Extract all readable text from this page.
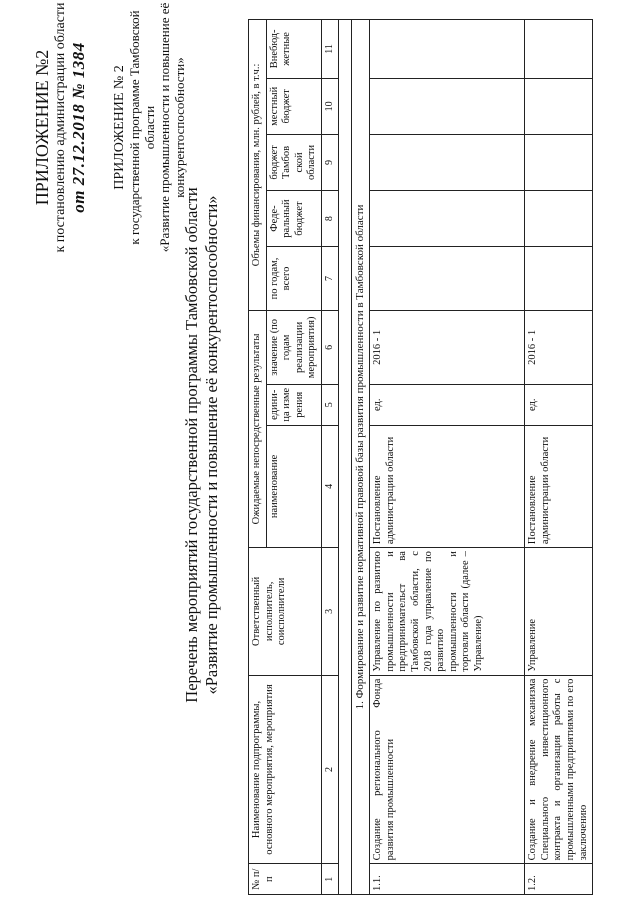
ПРИЛОЖЕНИЕ №2 к постановлению администрации области от 27.12.2018 № 1384 ПРИЛОЖЕНИЕ № 2 к государственной программе Тамбовской области «Развитие промышленности и повышение её конкурентоспособности»
Перечень мероприятий государственной программы Тамбовской области «Развитие промышленности и повышение её конкурентоспособности»
№ п/п	Наименование подпрограммы, основного мероприятия, мероприятия	Ответственный исполнитель, соисполнители	Ожидаемые непосредственные результаты			Объемы финансирования, млн. рублей, в т.ч.:				
			наименование	едини-ца изме рения	значение (по годам реализации мероприятия)	по годам, всего	Феде-ральный бюджет	бюджет Тамбов ской области	местный бюджет	Внебюд-жетные
1	2	3	4	5	6	7	8	9	10	11

1. Формирование и развитие нормативной правовой базы развития промышленности в Тамбовской области										
1.1.	Создание регионального Фонда развития промышленности	Управление по развитию промышленности и предпринимательст ва Тамбовской области, с 2018 года управление по развитию промышленности и торговли области (далее – Управление)	Постановление администрации области	ед.	2016 - 1					
1.2.	Создание и внедрение механизма Специального инвестиционного контракта и организация работы с промышленными предприятиями по его заключению	Управление	Постановление администрации области	ед.	2016 - 1					
